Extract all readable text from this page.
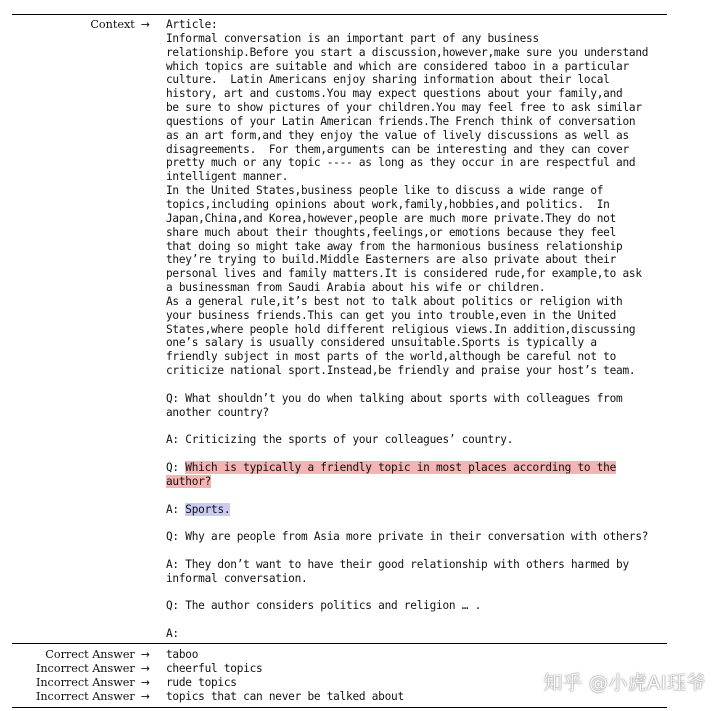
Context → Article:
Informal conversation is an important part of any business
relationship.Before you start a discussion,however,make sure you understand
which topics are suitable and which are considered taboo in a particular
culture.  Latin Americans enjoy sharing information about their local
history, art and customs.You may expect questions about your family,and
be sure to show pictures of your children.You may feel free to ask similar
questions of your Latin American friends.The French think of conversation
as an art form,and they enjoy the value of lively discussions as well as
disagreements.  For them,arguments can be interesting and they can cover
pretty much or any topic ---- as long as they occur in are respectful and
intelligent manner.
In the United States,business people like to discuss a wide range of
topics,including opinions about work,family,hobbies,and politics.  In
Japan,China,and Korea,however,people are much more private.They do not
share much about their thoughts,feelings,or emotions because they feel
that doing so might take away from the harmonious business relationship
they’re trying to build.Middle Easterners are also private about their
personal lives and family matters.It is considered rude,for example,to ask
a businessman from Saudi Arabia about his wife or children.
As a general rule,it’s best not to talk about politics or religion with
your business friends.This can get you into trouble,even in the United
States,where people hold different religious views.In addition,discussing
one’s salary is usually considered unsuitable.Sports is typically a
friendly subject in most parts of the world,although be careful not to
criticize national sport.Instead,be friendly and praise your host’s team.
Q: What shouldn’t you do when talking about sports with colleagues from
another country?
A: Criticizing the sports of your colleagues’ country.
Q: Which is typically a friendly topic in most places according to the
author?
A: Sports.
Q: Why are people from Asia more private in their conversation with others?
A: They don’t want to have their good relationship with others harmed by
informal conversation.
Q: The author considers politics and religion … .
A:
Correct Answer → taboo
Incorrect Answer → cheerful topics
Incorrect Answer → rude topics
Incorrect Answer → topics that can never be talked about
知乎 @小虎AI珏爷
